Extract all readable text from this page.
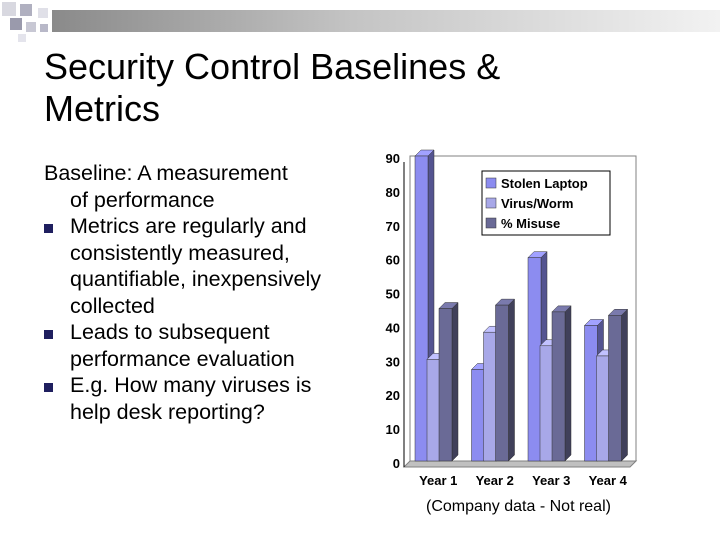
Security Control Baselines &
Metrics
Baseline: A measurement
of performance
Metrics are regularly and consistently measured, quantifiable, inexpensively collected
Leads to subsequent performance evaluation
E.g. How many viruses is help desk reporting?
0
10
20
30
40
50
60
70
80
90
Year 1 Year 2 Year 3 Year 4
Stolen Laptop
Virus/Worm
% Misuse
(Company data - Not real)
